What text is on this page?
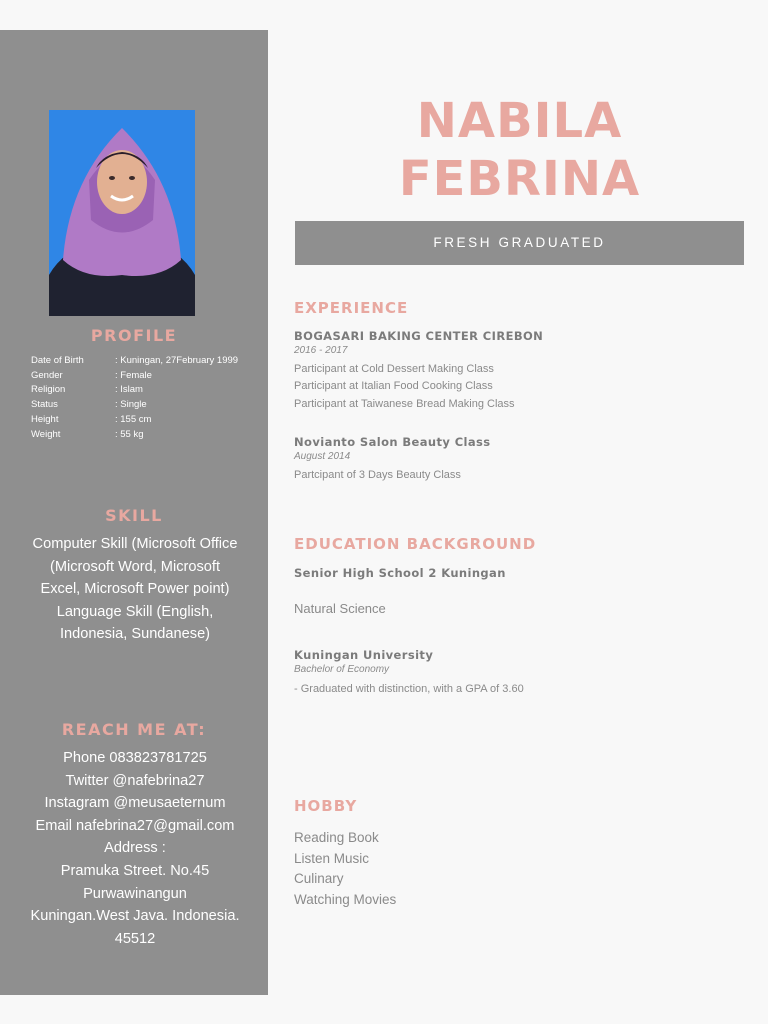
PROFILE
Date of Birth	: Kuningan, 27February 1999
Gender	: Female
Religion	: Islam
Status	: Single
Height	: 155 cm
Weight	: 55 kg
SKILL
Computer Skill (Microsoft Office
(Microsoft Word, Microsoft
Excel, Microsoft Power point)
Language Skill (English,
Indonesia, Sundanese)
REACH ME AT:
Phone 083823781725
Twitter @nafebrina27
Instagram @meusaeternum
Email nafebrina27@gmail.com
Address :
Pramuka Street. No.45
Purwawinangun
Kuningan.West Java. Indonesia.
45512
NABILA
FEBRINA
FRESH GRADUATED
EXPERIENCE
BOGASARI BAKING CENTER CIREBON
2016 - 2017
Participant at Cold Dessert Making Class
Participant at Italian Food Cooking Class
Participant at Taiwanese Bread Making Class
Novianto Salon Beauty Class
August 2014
Partcipant of 3 Days Beauty Class
EDUCATION BACKGROUND
Senior High School 2 Kuningan
Natural Science
Kuningan University
Bachelor of Economy
- Graduated with distinction, with a GPA of 3.60
HOBBY
Reading Book
Listen Music
Culinary
Watching Movies
